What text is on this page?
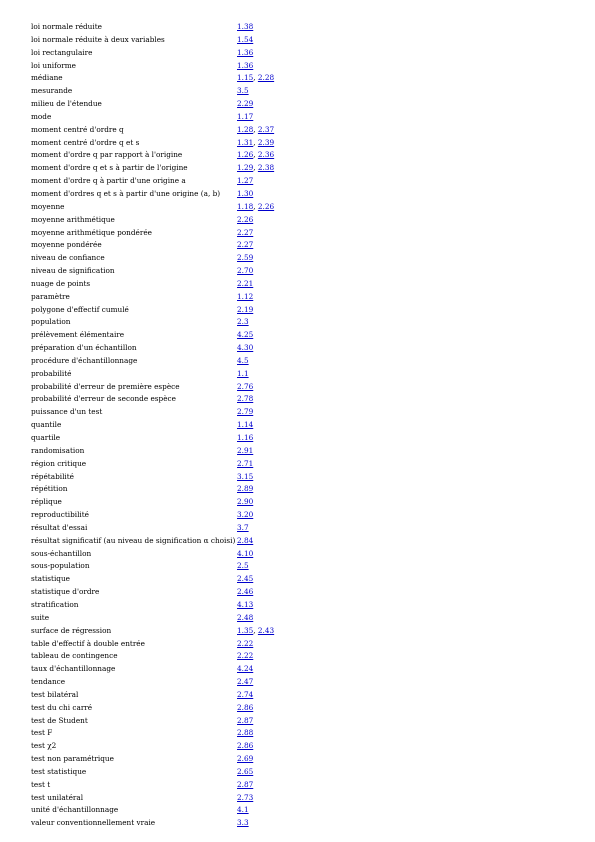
loi normale réduite	1.38
loi normale réduite à deux variables	1.54
loi rectangulaire	1.36
loi uniforme	1.36
médiane	1.15, 2.28
mesurande	3.5
milieu de l'étendue	2.29
mode	1.17
moment centré d'ordre q	1.28, 2.37
moment centré d'ordre q et s	1.31, 2.39
moment d'ordre q par rapport à l'origine	1.26, 2.36
moment d'ordre q et s à partir de l'origine	1.29, 2.38
moment d'ordre q à partir d'une origine a	1.27
moment d'ordres q et s à partir d'une origine (a, b) 1.30
moyenne	1.18, 2.26
moyenne arithmétique	2.26
moyenne arithmétique pondérée	2.27
moyenne pondérée	2.27
niveau de confiance	2.59
niveau de signification	2.70
nuage de points	2.21
paramètre	1.12
polygone d'effectif cumulé	2.19
population	2.3
prélèvement élémentaire	4.25
préparation d'un échantillon	4.30
procédure d'échantillonnage	4.5
probabilité	1.1
probabilité d'erreur de première espèce	2.76
probabilité d'erreur de seconde espèce	2.78
puissance d'un test	2.79
quantile	1.14
quartile	1.16
randomisation	2.91
région critique	2.71
répétabilité	3.15
répétition	2.89
réplique	2.90
reproductibilité	3.20
résultat d'essai	3.7
résultat significatif (au niveau de signification α choisi) 2.84
sous-échantillon	4.10
sous-population	2.5
statistique	2.45
statistique d'ordre	2.46
stratification	4.13
suite	2.48
surface de régression	1.35, 2.43
table d'effectif à double entrée	2.22
tableau de contingence	2.22
taux d'échantillonnage	4.24
tendance	2.47
test bilatéral	2.74
test du chi carré	2.86
test de Student	2.87
test F	2.88
test χ2	2.86
test non paramétrique	2.69
test statistique	2.65
test t	2.87
test unilatéral	2.73
unité d'échantillonnage	4.1
valeur conventionnellement vraie	3.3
